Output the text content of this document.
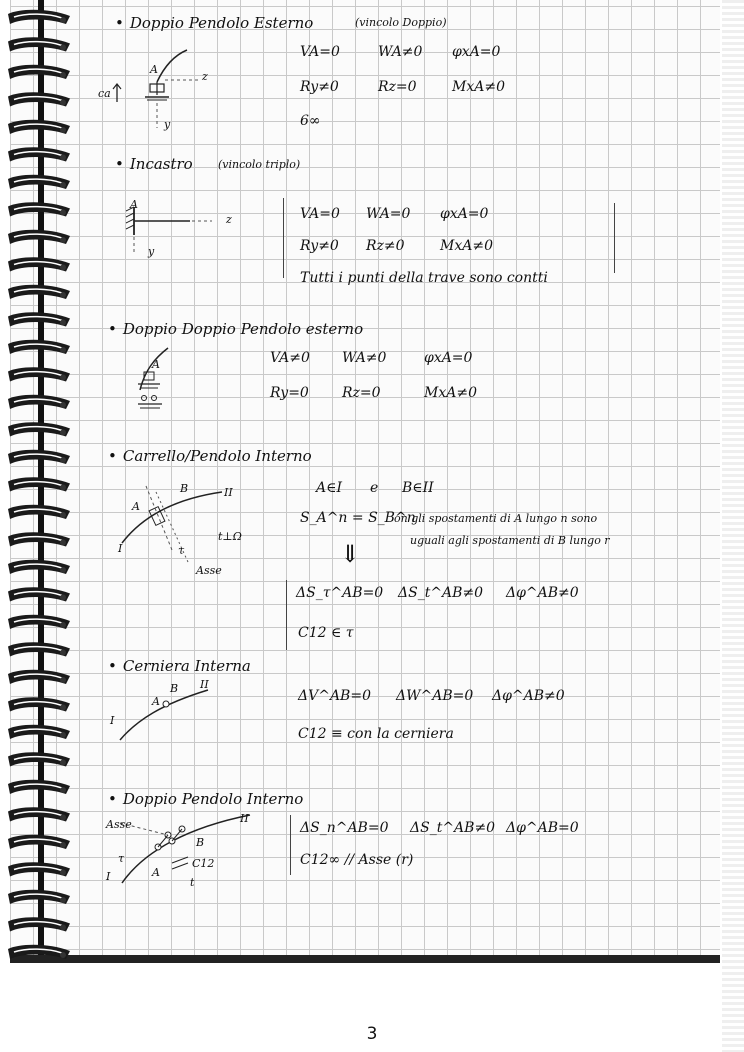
• Doppio Pendolo Esterno	(vincolo Doppio)
VA=0	WA≠0 φxA=0
Ry≠0	Rz=0	MxA≠0
6∞
A
z
y
ca
• Incastro (vincolo triplo)
VA=0 WA=0 φxA=0
Ry≠0 Rz≠0	MxA≠0
Tutti i punti della trave sono contti
A
z
y
• Doppio Doppio Pendolo esterno
VA≠0 WA≠0	φxA=0
Ry=0 Rz=0	MxA≠0
A
• Carrello/Pendolo Interno
A∈I e B∈II
S_A^n = S_B^n
on gli spostamenti di A lungo n sono
uguali agli spostamenti di B lungo r
⇓
ΔS_τ^AB=0 ΔS_t^AB≠0 Δφ^AB≠0
C12 ∈ τ
A
B
I
II
τ
t⊥Ω
Asse
• Cerniera Interna
ΔV^AB=0 ΔW^AB=0 Δφ^AB≠0
C12 ≡ con la cerniera
A
B
I
II
• Doppio Pendolo Interno
ΔS_n^AB=0 ΔS_t^AB≠0 Δφ^AB=0
C12∞ // Asse (r)
Asse
A
B
I
II
τ	C12
t
3
